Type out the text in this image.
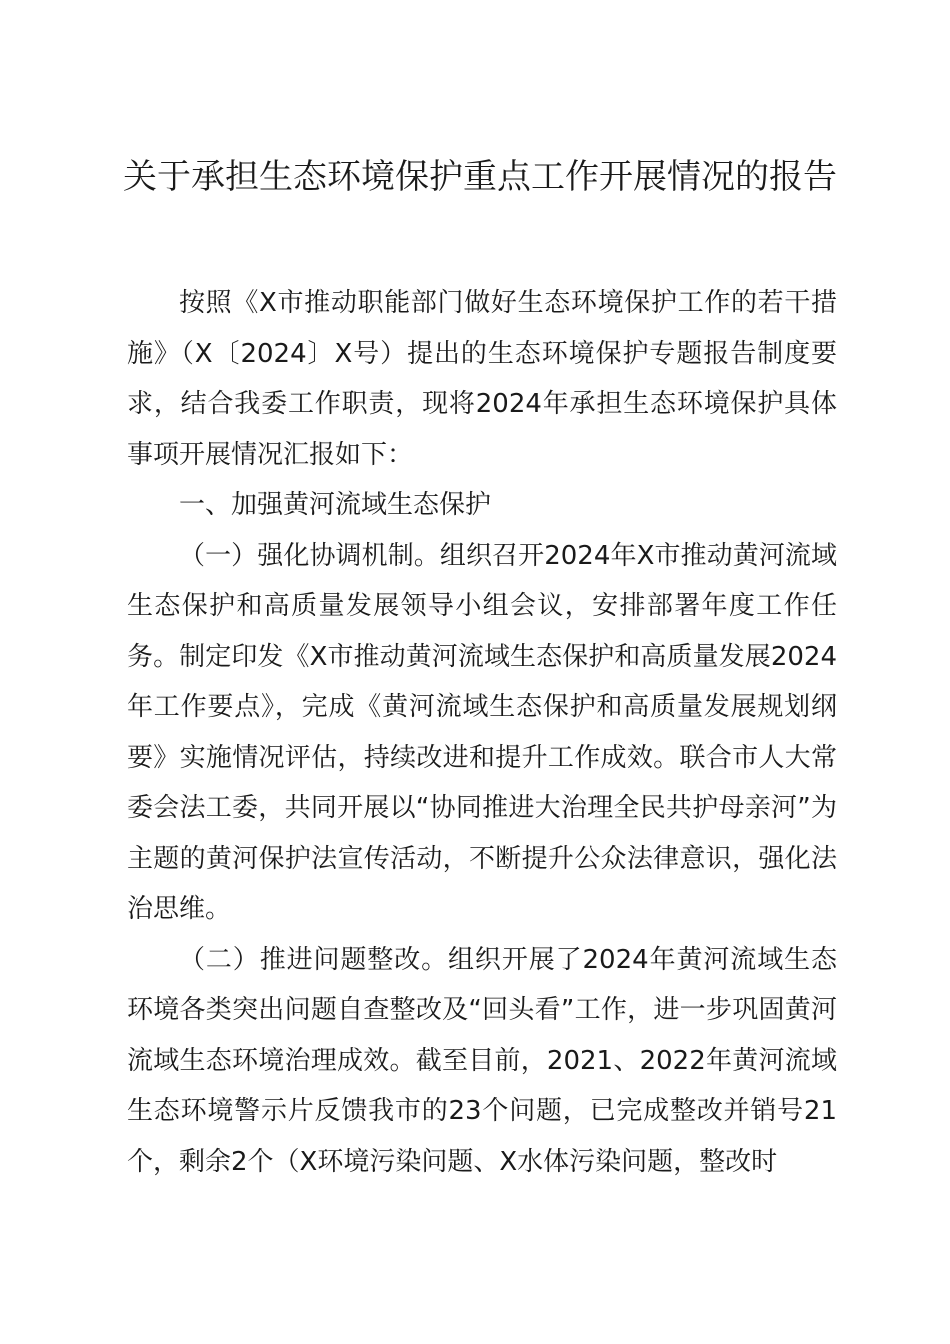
关于承担生态环境保护重点工作开展情况的报告

按照《X市推动职能部门做好生态环境保护工作的若干措施》（X〔2024〕X号）提出的生态环境保护专题报告制度要求，结合我委工作职责，现将2024年承担生态环境保护具体事项开展情况汇报如下：

一、加强黄河流域生态保护

（一）强化协调机制。组织召开2024年X市推动黄河流域生态保护和高质量发展领导小组会议，安排部署年度工作任务。制定印发《X市推动黄河流域生态保护和高质量发展2024年工作要点》，完成《黄河流域生态保护和高质量发展规划纲要》实施情况评估，持续改进和提升工作成效。联合市人大常委会法工委，共同开展以“协同推进大治理全民共护母亲河”为主题的黄河保护法宣传活动，不断提升公众法律意识，强化法治思维。

（二）推进问题整改。组织开展了2024年黄河流域生态环境各类突出问题自查整改及“回头看”工作，进一步巩固黄河流域生态环境治理成效。截至目前，2021、2022年黄河流域生态环境警示片反馈我市的23个问题，已完成整改并销号21个，剩余2个（X环境污染问题、X水体污染问题，整改时
